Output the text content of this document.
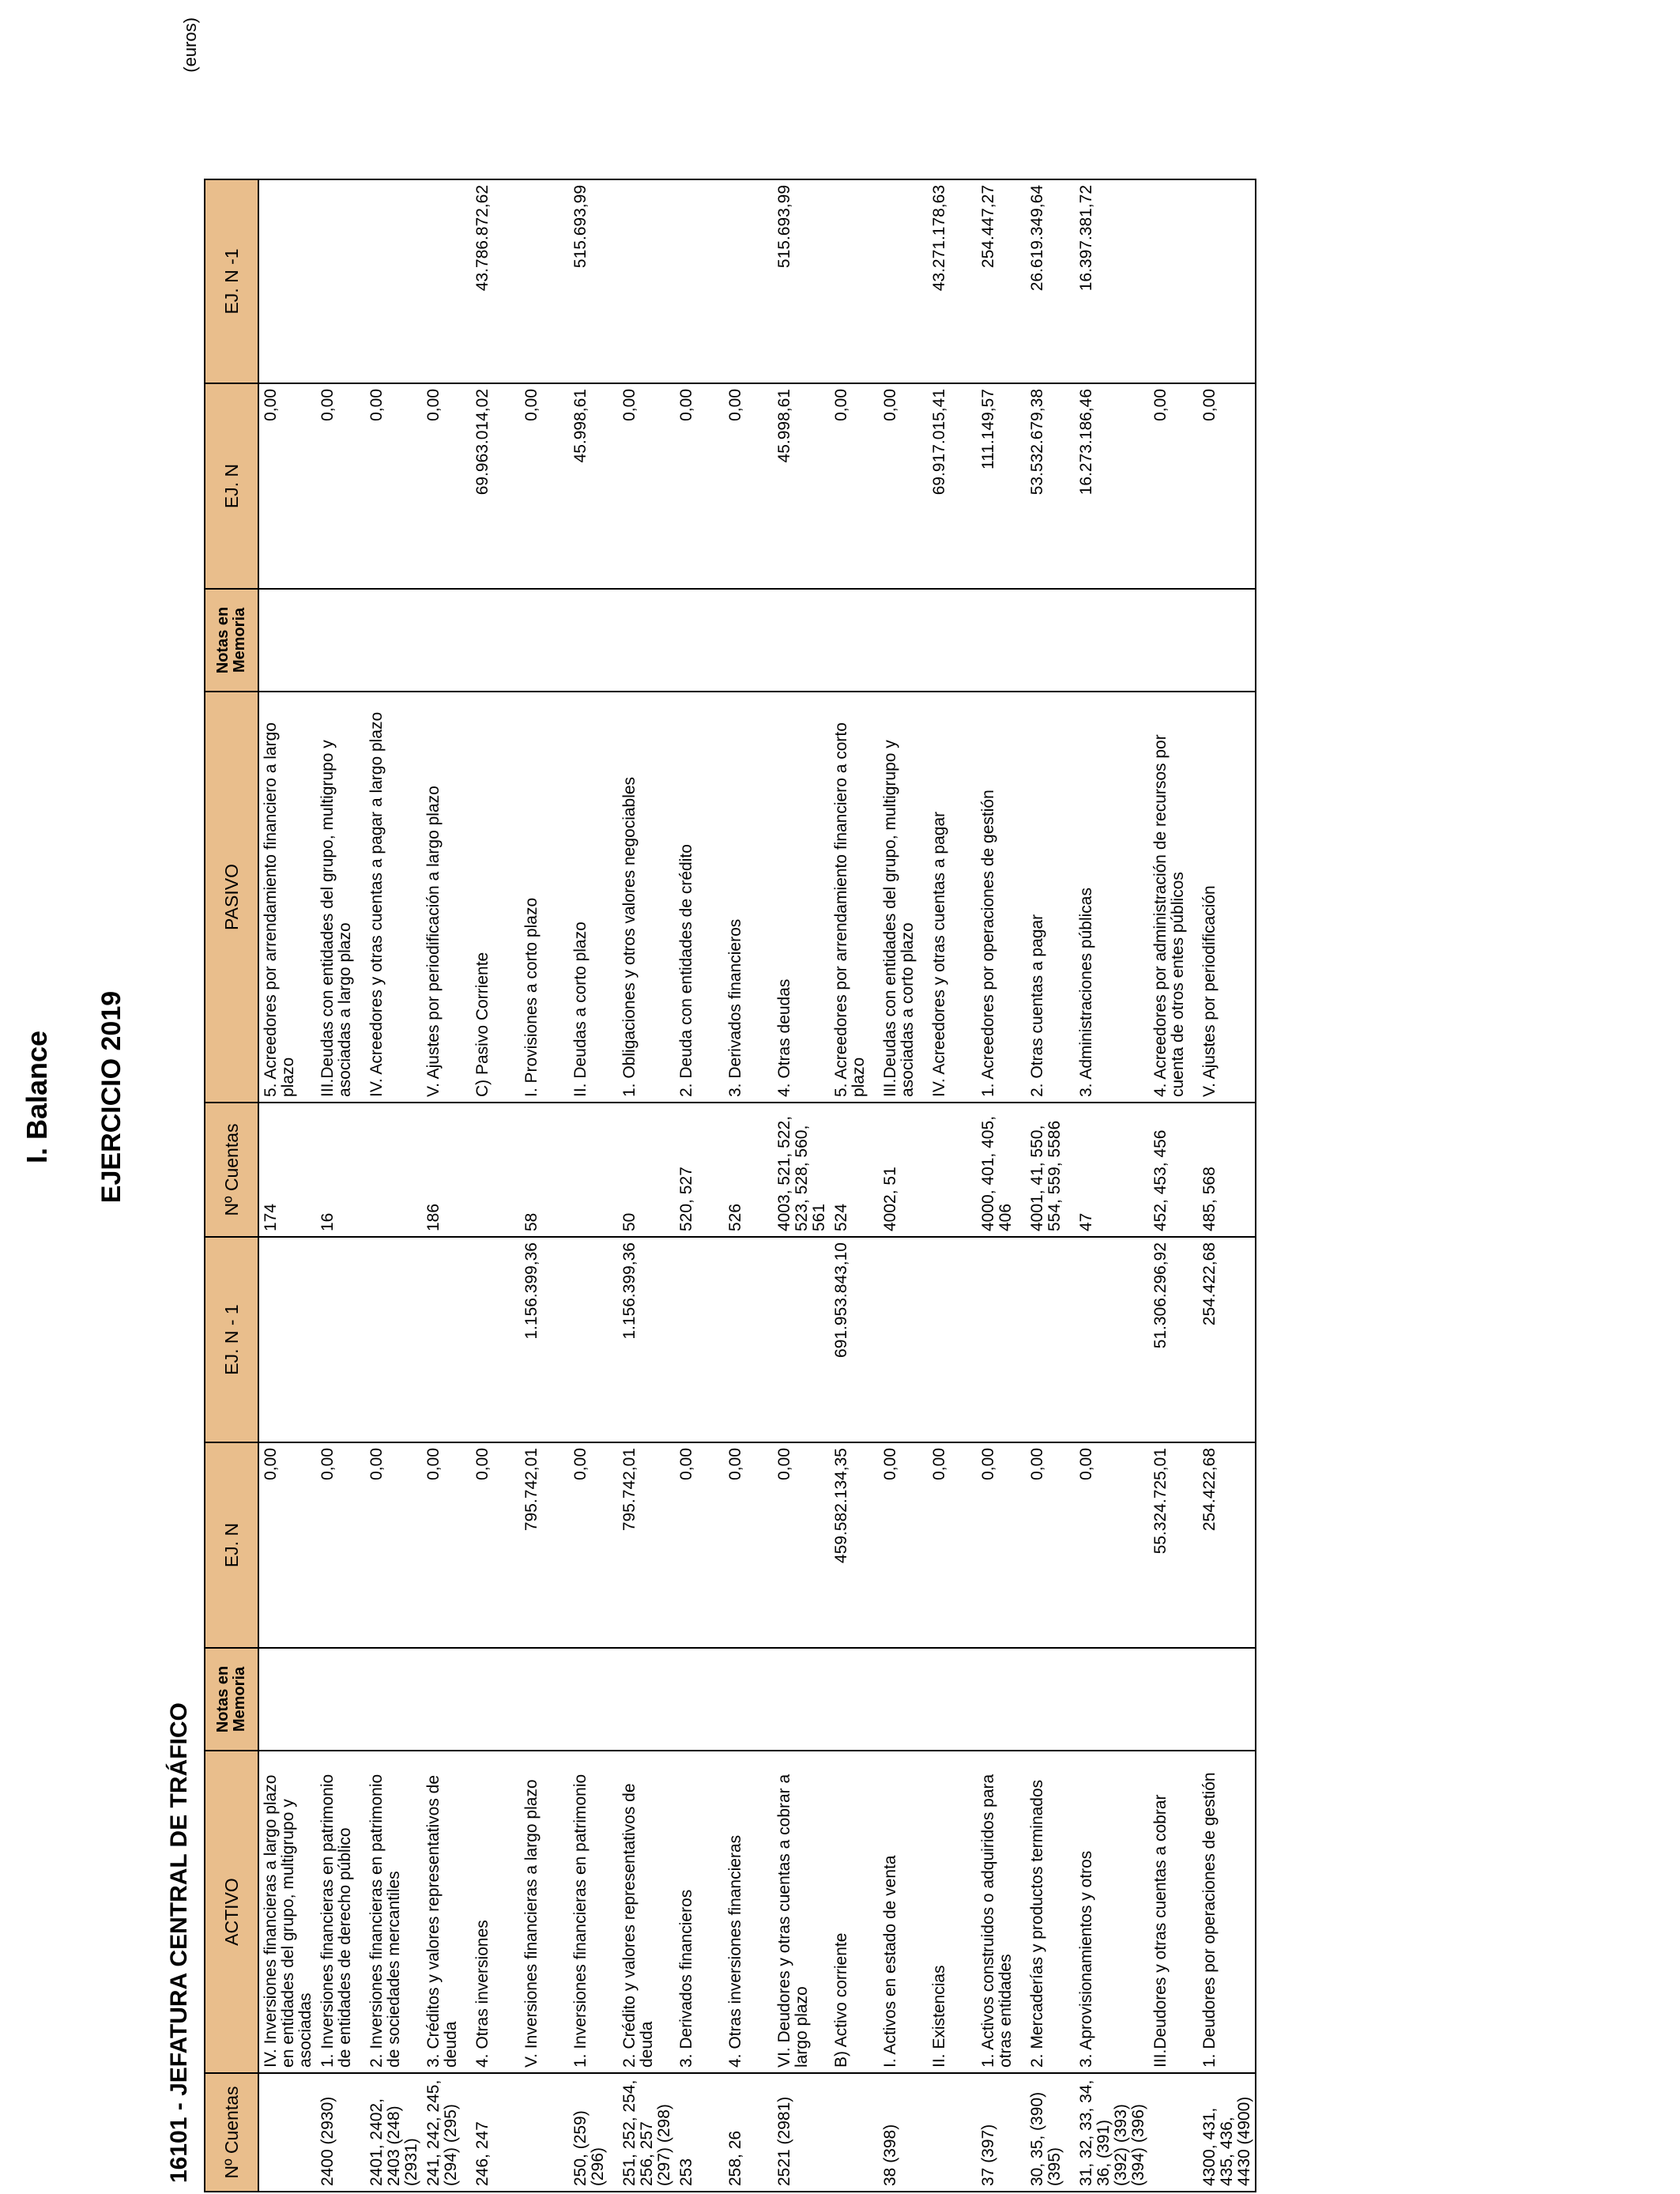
I. Balance EJERCICIO 2019
16101 - JEFATURA CENTRAL DE TRÁFICO
(euros)
Nº Cuentas	ACTIVO	Notas en Memoria	EJ. N	EJ. N - 1	Nº Cuentas	PASIVO	Notas en Memoria	EJ. N	EJ. N -1
	IV. Inversiones financieras a largo plazo en entidades del grupo, multigrupo y asociadas		0,00		174	5. Acreedores por arrendamiento financiero a largo plazo		0,00	
2400 (2930)	1. Inversiones financieras en patrimonio de entidades de derecho público		0,00		16	III.Deudas con entidades del grupo, multigrupo y asociadas a largo plazo		0,00	
2401, 2402, 2403 (248) (2931)	2. Inversiones financieras en patrimonio de sociedades mercantiles		0,00			IV. Acreedores y otras cuentas a pagar a largo plazo		0,00	
241, 242, 245, (294) (295)	3. Créditos y valores representativos de deuda		0,00		186	V. Ajustes por periodificación a largo plazo		0,00	
246, 247	4. Otras inversiones		0,00			C) Pasivo Corriente		69.963.014,02	43.786.872,62
	V. Inversiones financieras a largo plazo		795.742,01	1.156.399,36	58	I. Provisiones a corto plazo		0,00	
250, (259) (296)	1. Inversiones financieras en patrimonio		0,00			II. Deudas a corto plazo		45.998,61	515.693,99
251, 252, 254, 256, 257 (297) (298)	2. Crédito y valores representativos de deuda		795.742,01	1.156.399,36	50	1. Obligaciones y otros valores negociables		0,00	
253	3. Derivados financieros		0,00		520, 527	2. Deuda con entidades de crédito		0,00	
258, 26	4. Otras inversiones financieras		0,00		526	3. Derivados financieros		0,00	
2521 (2981)	VI. Deudores y otras cuentas a cobrar a largo plazo		0,00		4003, 521, 522, 523, 528, 560, 561	4. Otras deudas		45.998,61	515.693,99
	B) Activo corriente		459.582.134,35	691.953.843,10	524	5. Acreedores por arrendamiento financiero a corto plazo		0,00	
38 (398)	I. Activos en estado de venta		0,00		4002, 51	III.Deudas con entidades del grupo, multigrupo y asociadas a corto plazo		0,00	
	II. Existencias		0,00			IV. Acreedores y otras cuentas a pagar		69.917.015,41	43.271.178,63
37 (397)	1. Activos construidos o adquiridos para otras entidades		0,00		4000, 401, 405, 406	1. Acreedores por operaciones de gestión		111.149,57	254.447,27
30, 35, (390) (395)	2. Mercaderías y productos terminados		0,00		4001, 41, 550, 554, 559, 5586	2. Otras cuentas a pagar		53.532.679,38	26.619.349,64
31, 32, 33, 34, 36, (391) (392) (393) (394) (396)	3. Aprovisionamientos y otros		0,00		47	3. Administraciones públicas		16.273.186,46	16.397.381,72
	III.Deudores y otras cuentas a cobrar		55.324.725,01	51.306.296,92	452, 453, 456	4. Acreedores por administración de recursos por cuenta de otros entes públicos		0,00	
4300, 431, 435, 436, 4430 (4900)	1. Deudores por operaciones de gestión		254.422,68	254.422,68	485, 568	V. Ajustes por periodificación		0,00	
